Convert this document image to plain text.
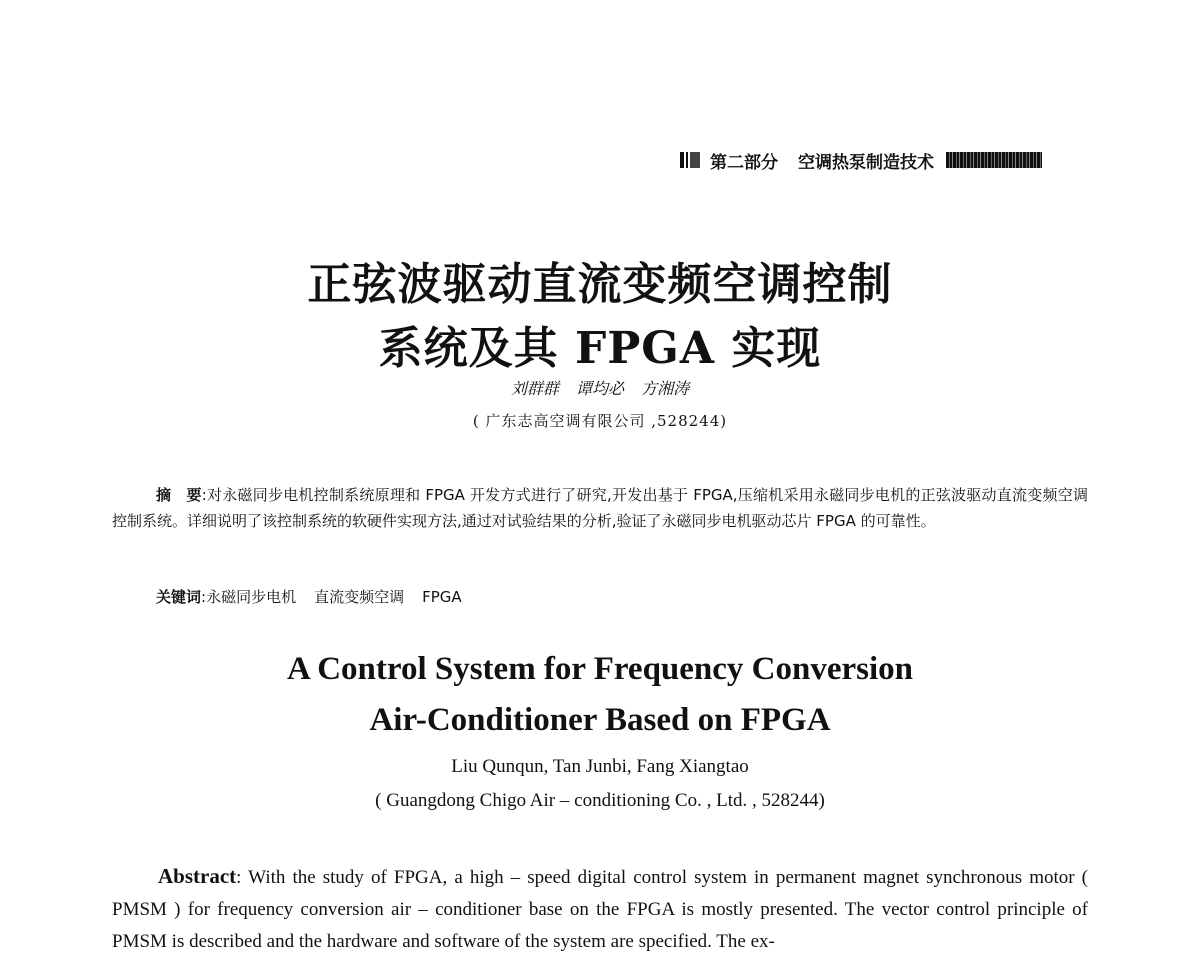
第二部分 空调热泵制造技术
正弦波驱动直流变频空调控制
系统及其 FPGA 实现
刘群群 谭均必 方湘涛
( 广东志高空调有限公司 ,528244)
摘　要:对永磁同步电机控制系统原理和 FPGA 开发方式进行了研究,开发出基于 FPGA,压缩机采用永磁同步电机的正弦波驱动直流变频空调控制系统。详细说明了该控制系统的软硬件实现方法,通过对试验结果的分析,验证了永磁同步电机驱动芯片 FPGA 的可靠性。
关键词:永磁同步电机 直流变频空调 FPGA
A Control System for Frequency Conversion
Air-Conditioner Based on FPGA
Liu Qunqun, Tan Junbi, Fang Xiangtao
( Guangdong Chigo Air – conditioning Co. , Ltd. , 528244)
Abstract: With the study of FPGA, a high – speed digital control system in permanent magnet synchronous motor ( PMSM ) for frequency conversion air – conditioner base on the FPGA is mostly presented. The vector control principle of PMSM is described and the hardware and software of the system are specified. The ex-
